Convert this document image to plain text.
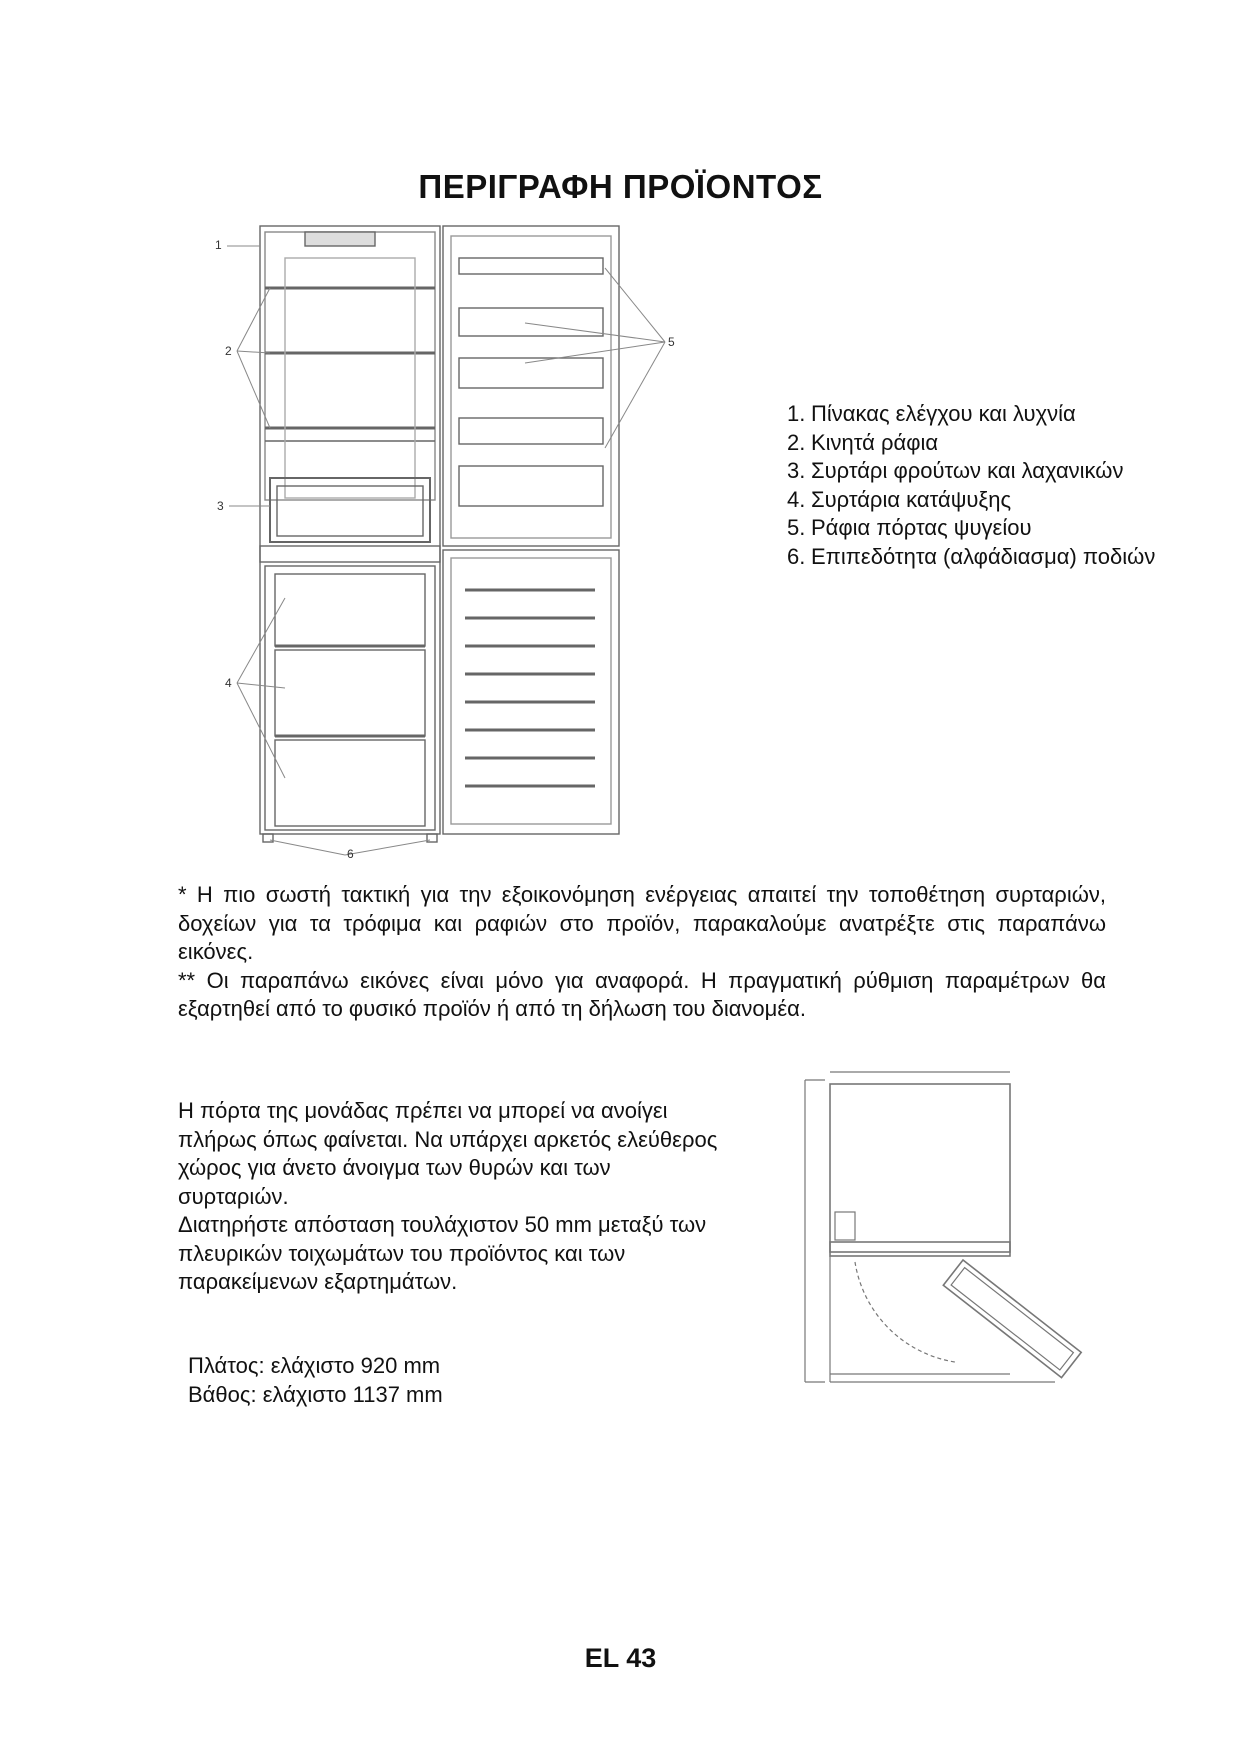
ΠΕΡΙΓΡΑΦΗ ΠΡΟΪΟΝΤΟΣ
1
2
3
4
5
6
1. Πίνακας ελέγχου και λυχνία
2. Κινητά ράφια
3. Συρτάρι φρούτων και λαχανικών
4. Συρτάρια κατάψυξης
5. Ράφια πόρτας ψυγείου
6. Επιπεδότητα (αλφάδιασμα) ποδιών

* Η πιο σωστή τακτική για την εξοικονόμηση ενέργειας απαιτεί την τοποθέτηση συρταριών, δοχείων για τα τρόφιμα και ραφιών στο προϊόν, παρακαλούμε ανατρέξτε στις παραπάνω εικόνες.

** Οι παραπάνω εικόνες είναι μόνο για αναφορά. Η πραγματική ρύθμιση παραμέτρων θα εξαρτηθεί από το φυσικό προϊόν ή από τη δήλωση του διανομέα.

Η πόρτα της μονάδας πρέπει να μπορεί να ανοίγει πλήρως όπως φαίνεται. Να υπάρχει αρκετός ελεύθερος χώρος για άνετο άνοιγμα των θυρών και των συρταριών.

Διατηρήστε απόσταση τουλάχιστον 50 mm μεταξύ των πλευρικών τοιχωμάτων του προϊόντος και των παρακείμενων εξαρτημάτων.

Πλάτος: ελάχιστο 920 mm

Βάθος: ελάχιστο 1137 mm

EL 43
